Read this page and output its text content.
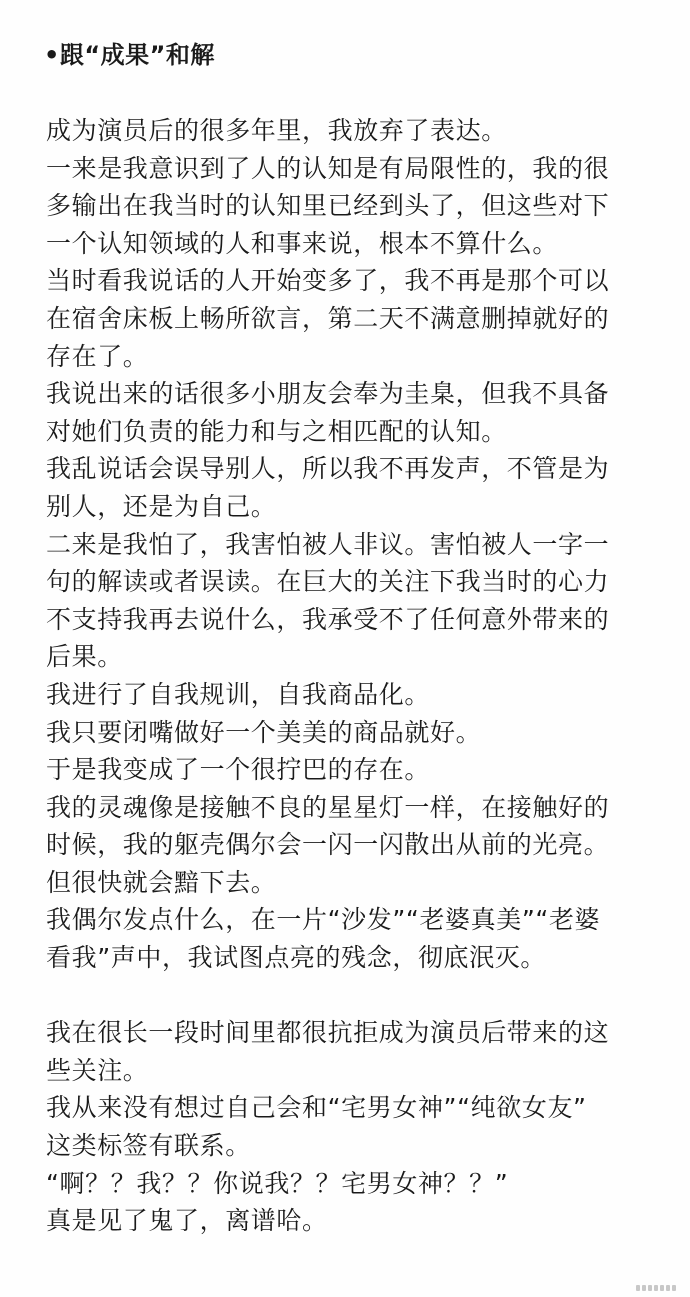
•跟“成果”和解
成为演员后的很多年里，我放弃了表达。
一来是我意识到了人的认知是有局限性的，我的很
多输出在我当时的认知里已经到头了，但这些对下
一个认知领域的人和事来说，根本不算什么。
当时看我说话的人开始变多了，我不再是那个可以
在宿舍床板上畅所欲言，第二天不满意删掉就好的
存在了。
我说出来的话很多小朋友会奉为圭臬，但我不具备
对她们负责的能力和与之相匹配的认知。
我乱说话会误导别人，所以我不再发声，不管是为
别人，还是为自己。
二来是我怕了，我害怕被人非议。害怕被人一字一
句的解读或者误读。在巨大的关注下我当时的心力
不支持我再去说什么，我承受不了任何意外带来的
后果。
我进行了自我规训，自我商品化。
我只要闭嘴做好一个美美的商品就好。
于是我变成了一个很拧巴的存在。
我的灵魂像是接触不良的星星灯一样，在接触好的
时候，我的躯壳偶尔会一闪一闪散出从前的光亮。
但很快就会黯下去。
我偶尔发点什么，在一片“沙发”“老婆真美”“老婆
看我”声中，我试图点亮的残念，彻底泯灭。
我在很长一段时间里都很抗拒成为演员后带来的这
些关注。
我从来没有想过自己会和“宅男女神”“纯欲女友”
这类标签有联系。
“啊？？我？？你说我？？宅男女神？？”
真是见了鬼了，离谱哈。
